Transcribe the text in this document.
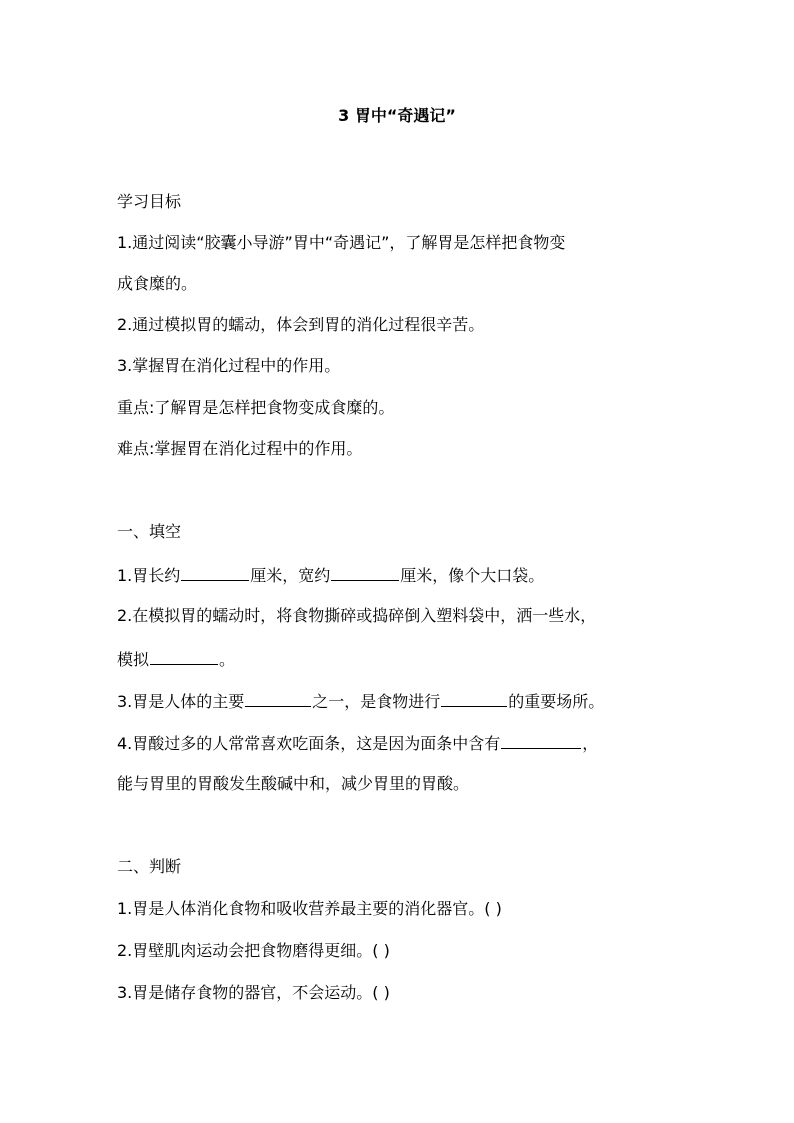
3 胃中“奇遇记”
学习目标
1.通过阅读“胶囊小导游”胃中“奇遇记”，了解胃是怎样把食物变
成食糜的。
2.通过模拟胃的蠕动，体会到胃的消化过程很辛苦。
3.掌握胃在消化过程中的作用。
重点:了解胃是怎样把食物变成食糜的。
难点:掌握胃在消化过程中的作用。
一、填空
1.胃长约	厘米，宽约	厘米，像个大口袋。
2.在模拟胃的蠕动时，将食物撕碎或捣碎倒入塑料袋中，洒一些水，
模拟	。
3.胃是人体的主要	之一，是食物进行	的重要场所。
4.胃酸过多的人常常喜欢吃面条，这是因为面条中含有	，
能与胃里的胃酸发生酸碱中和，减少胃里的胃酸。
二、判断
1.胃是人体消化食物和吸收营养最主要的消化器官。( )
2.胃壁肌肉运动会把食物磨得更细。( )
3.胃是储存食物的器官，不会运动。( )
